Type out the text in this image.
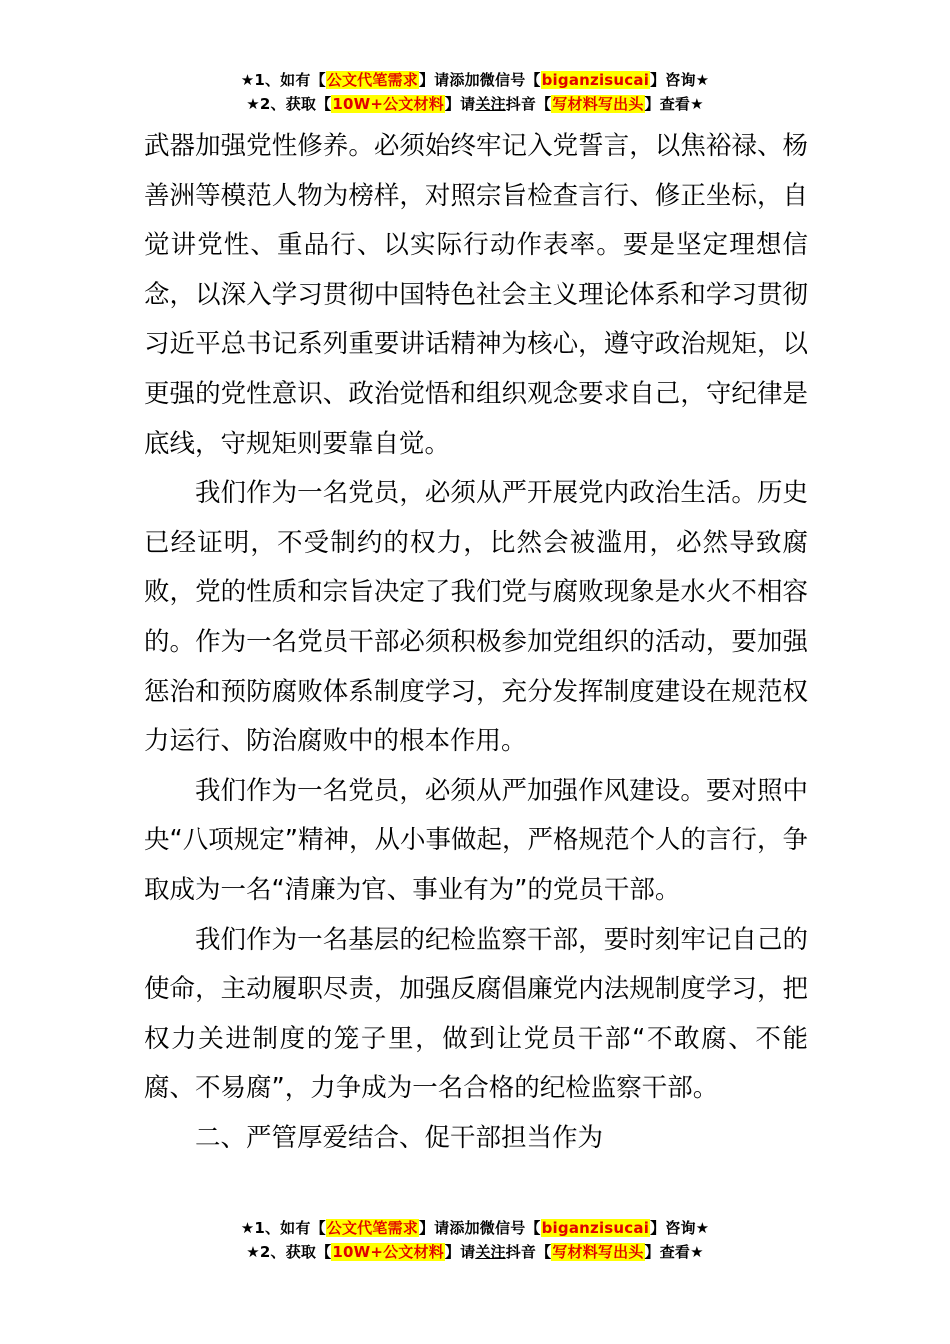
★1、如有【公文代笔需求】请添加微信号【biganzisucai】咨询★
★2、获取【10W+公文材料】请关注抖音【写材料写出头】查看★

武器加强党性修养。必须始终牢记入党誓言，以焦裕禄、杨善洲等模范人物为榜样，对照宗旨检查言行、修正坐标，自觉讲党性、重品行、以实际行动作表率。要是坚定理想信念，以深入学习贯彻中国特色社会主义理论体系和学习贯彻习近平总书记系列重要讲话精神为核心，遵守政治规矩，以更强的党性意识、政治觉悟和组织观念要求自己，守纪律是底线，守规矩则要靠自觉。

我们作为一名党员，必须从严开展党内政治生活。历史已经证明，不受制约的权力，比然会被滥用，必然导致腐败，党的性质和宗旨决定了我们党与腐败现象是水火不相容的。作为一名党员干部必须积极参加党组织的活动，要加强惩治和预防腐败体系制度学习，充分发挥制度建设在规范权力运行、防治腐败中的根本作用。

我们作为一名党员，必须从严加强作风建设。要对照中央“八项规定”精神，从小事做起，严格规范个人的言行，争取成为一名“清廉为官、事业有为”的党员干部。

我们作为一名基层的纪检监察干部，要时刻牢记自己的使命，主动履职尽责，加强反腐倡廉党内法规制度学习，把权力关进制度的笼子里，做到让党员干部“不敢腐、不能腐、不易腐”，力争成为一名合格的纪检监察干部。

二、严管厚爱结合、促干部担当作为

★1、如有【公文代笔需求】请添加微信号【biganzisucai】咨询★
★2、获取【10W+公文材料】请关注抖音【写材料写出头】查看★
